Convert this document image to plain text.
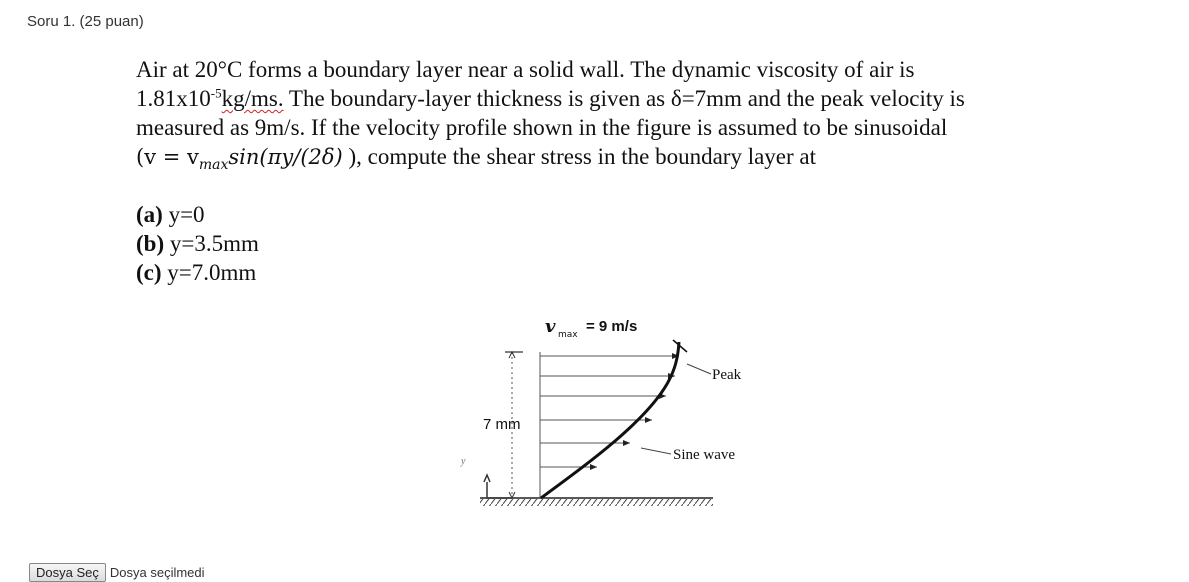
Soru 1. (25 puan)

Air at 20°C forms a boundary layer near a solid wall. The dynamic viscosity of air is

$1.81x10^{-5}kg/ms$. The boundary-layer thickness is given as δ=7mm and the peak velocity is

measured as 9m/s. If the velocity profile shown in the figure is assumed to be sinusoidal

($v = v_{max}\sin(\pi y/(2\delta)$ ), compute the shear stress in the boundary layer at

(a) y=0
(b) y=3.5mm
(c) y=7.0mm
v max = 9 m/s
7 mm
Peak
Sine wave
y
Dosya Seç Dosya seçilmedi
